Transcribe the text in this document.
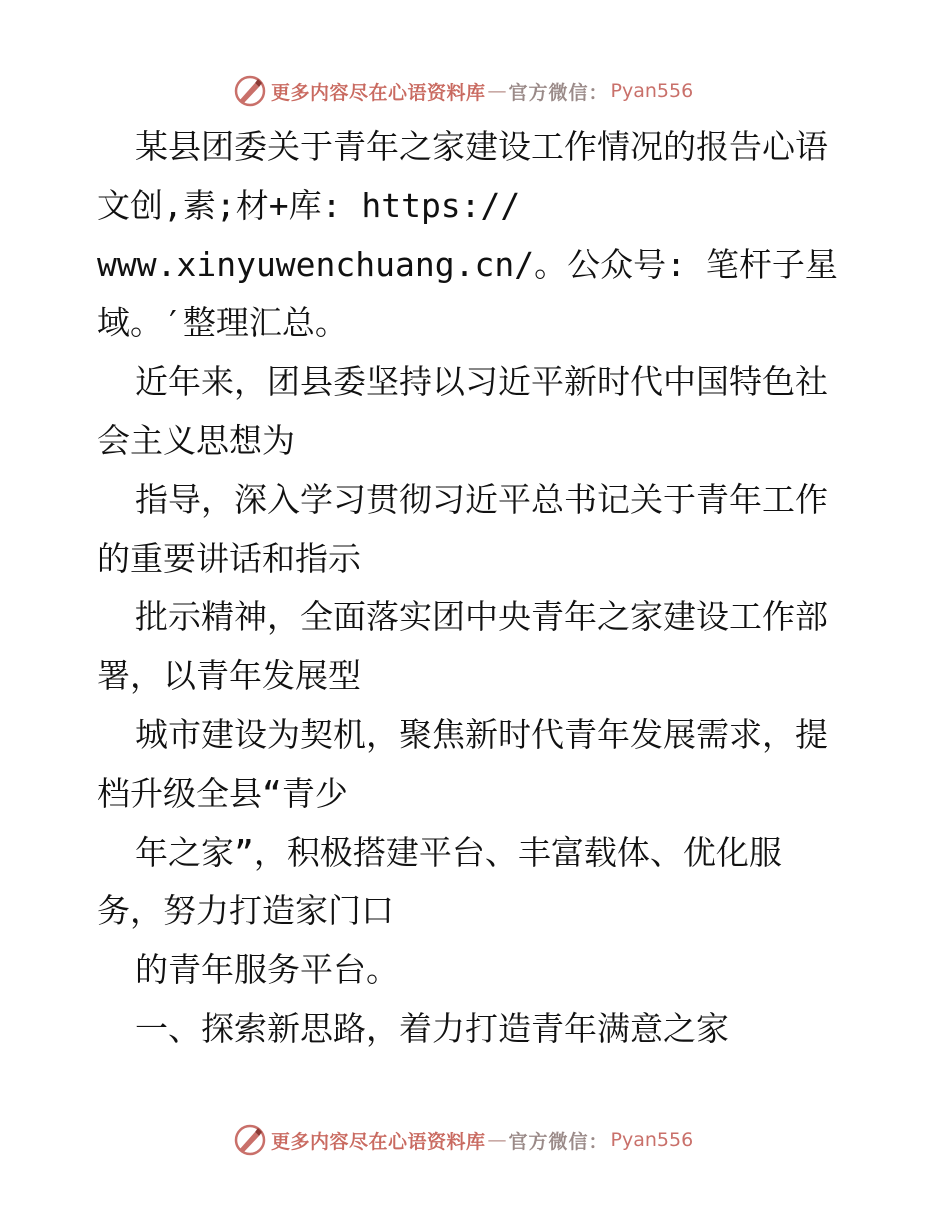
更多内容尽在心语资料库 — 官方微信： Pyan556
某县团委关于青年之家建设工作情况的报告心语
文创,素;材+库: https://
www.xinyuwenchuang.cn/。公众号: 笔杆子星
域。′整理汇总。
近年来，团县委坚持以习近平新时代中国特色社
会主义思想为
指导，深入学习贯彻习近平总书记关于青年工作
的重要讲话和指示
批示精神，全面落实团中央青年之家建设工作部
署，以青年发展型
城市建设为契机，聚焦新时代青年发展需求，提
档升级全县“青少
年之家”，积极搭建平台、丰富载体、优化服
务，努力打造家门口
的青年服务平台。
一、探索新思路，着力打造青年满意之家
更多内容尽在心语资料库 — 官方微信： Pyan556
